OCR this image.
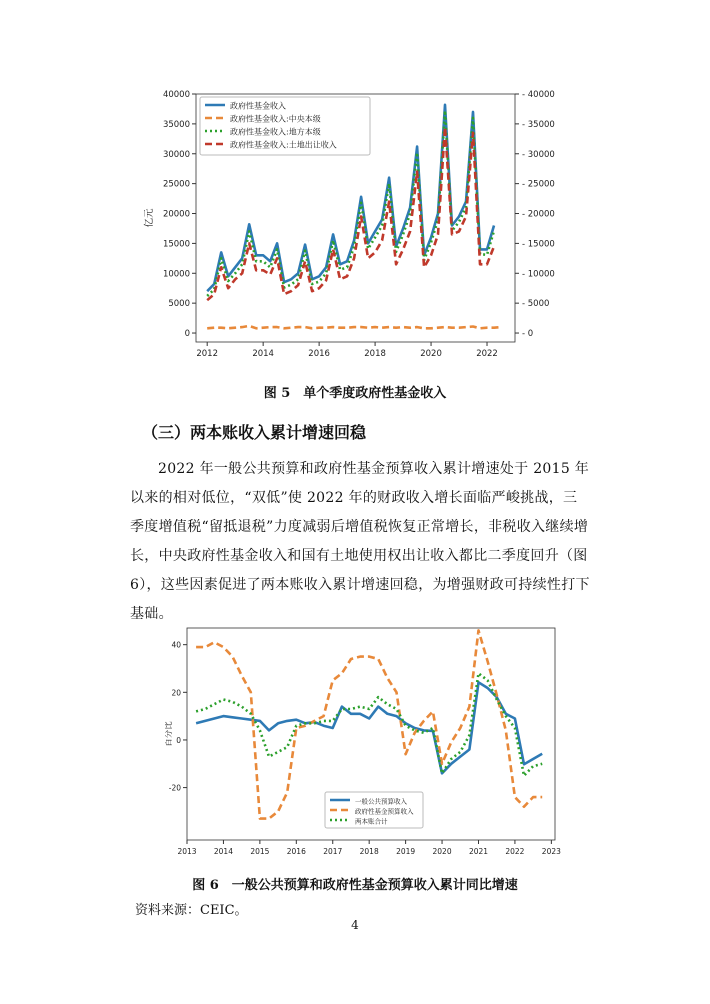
0
5000
10000
15000
20000
25000
30000
35000
40000
- 0
- 5000
- 10000
- 15000
- 20000
- 25000
- 30000
- 35000
- 40000
2012	2014	2016	2018	2020	2022
亿元
政府性基金收入
政府性基金收入:中央本级
政府性基金收入:地方本级
政府性基金收入:土地出让收入
图 5　单个季度政府性基金收入
（三）两本账收入累计增速回稳

2022 年一般公共预算和政府性基金预算收入累计增速处于 2015 年以来的相对低位，“双低”使 2022 年的财政收入增长面临严峻挑战，三季度增值税“留抵退税”力度减弱后增值税恢复正常增长，非税收入继续增长，中央政府性基金收入和国有土地使用权出让收入都比二季度回升（图 6），这些因素促进了两本账收入累计增速回稳，为增强财政可持续性打下基础。

-20
0
20
40
2013 2014 2015 2016 2017 2018 2019 2020 2021 2022 2023
百分比
一般公共预算收入
政府性基金预算收入
两本账合计
图 6　一般公共预算和政府性基金预算收入累计同比增速
资料来源：CEIC。
4
